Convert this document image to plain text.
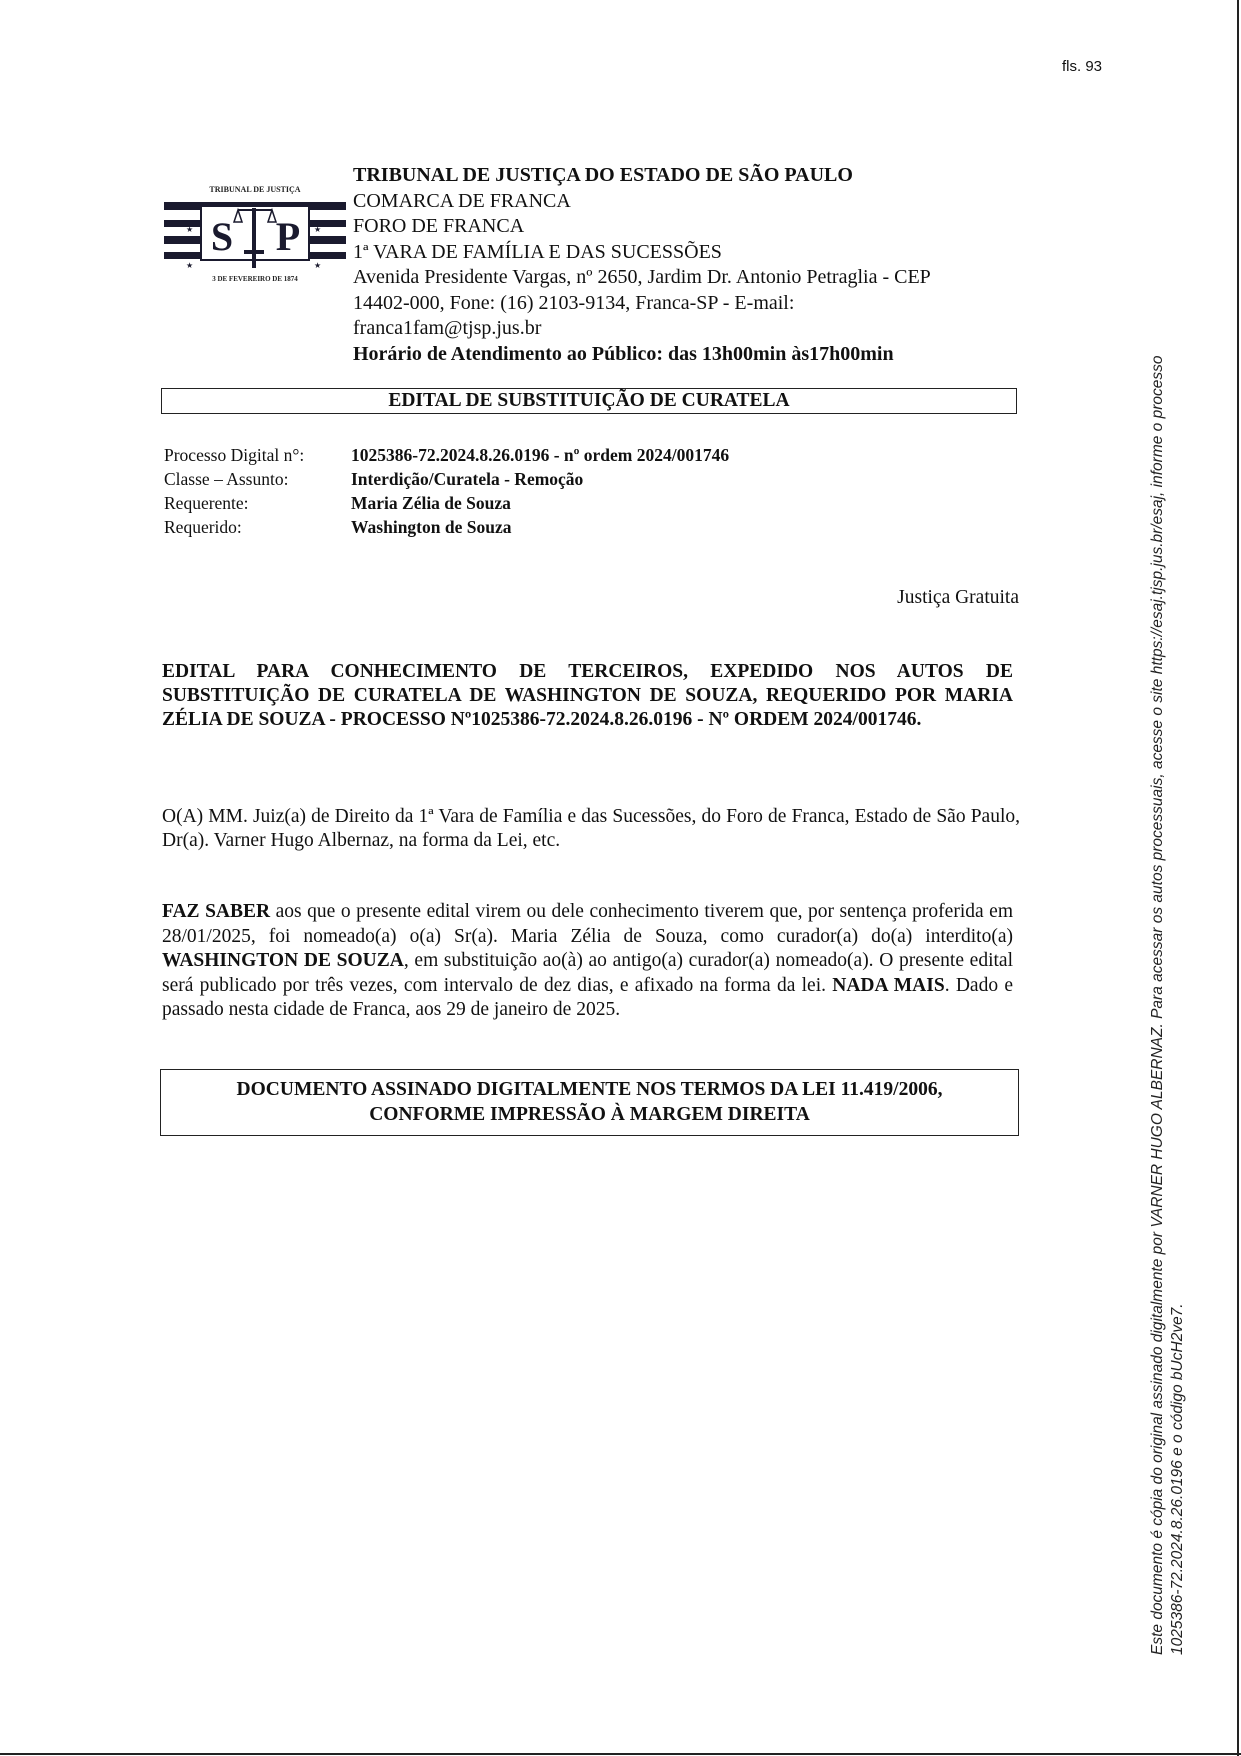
fls. 93
TRIBUNAL DE JUSTIÇA
S P
★	★
★	★
3 DE FEVEREIRO DE 1874
TRIBUNAL DE JUSTIÇA DO ESTADO DE SÃO PAULO
COMARCA DE FRANCA
FORO DE FRANCA
1ª VARA DE FAMÍLIA E DAS SUCESSÕES
Avenida Presidente Vargas, nº 2650, Jardim Dr. Antonio Petraglia - CEP
14402-000, Fone: (16) 2103-9134, Franca-SP - E-mail:
franca1fam@tjsp.jus.br
Horário de Atendimento ao Público: das 13h00min às17h00min
EDITAL DE SUBSTITUIÇÃO DE CURATELA
Processo Digital n°:	1025386-72.2024.8.26.0196 - nº ordem 2024/001746
Classe – Assunto:	Interdição/Curatela - Remoção
Requerente:	Maria Zélia de Souza
Requerido:	Washington de Souza
Justiça Gratuita
EDITAL PARA CONHECIMENTO DE TERCEIROS, EXPEDIDO NOS AUTOS DE SUBSTITUIÇÃO DE CURATELA DE WASHINGTON DE SOUZA, REQUERIDO POR MARIA ZÉLIA DE SOUZA - PROCESSO Nº1025386-72.2024.8.26.0196 - Nº ORDEM 2024/001746.
O(A) MM. Juiz(a) de Direito da 1ª Vara de Família e das Sucessões, do Foro de Franca, Estado de São Paulo, Dr(a). Varner Hugo Albernaz, na forma da Lei, etc.
FAZ SABER aos que o presente edital virem ou dele conhecimento tiverem que, por sentença proferida em 28/01/2025, foi nomeado(a) o(a) Sr(a). Maria Zélia de Souza, como curador(a) do(a) interdito(a) WASHINGTON DE SOUZA, em substituição ao(à) ao antigo(a) curador(a) nomeado(a). O presente edital será publicado por três vezes, com intervalo de dez dias, e afixado na forma da lei. NADA MAIS. Dado e passado nesta cidade de Franca, aos 29 de janeiro de 2025.
DOCUMENTO ASSINADO DIGITALMENTE NOS TERMOS DA LEI 11.419/2006,
CONFORME IMPRESSÃO À MARGEM DIREITA	Este documento é cópia do original assinado digitalmente por VARNER HUGO ALBERNAZ. Para acessar os autos processuais, acesse o site https://esaj.tjsp.jus.br/esaj, informe o processo 1025386-72.2024.8.26.0196 e o código bUcH2ve7.
